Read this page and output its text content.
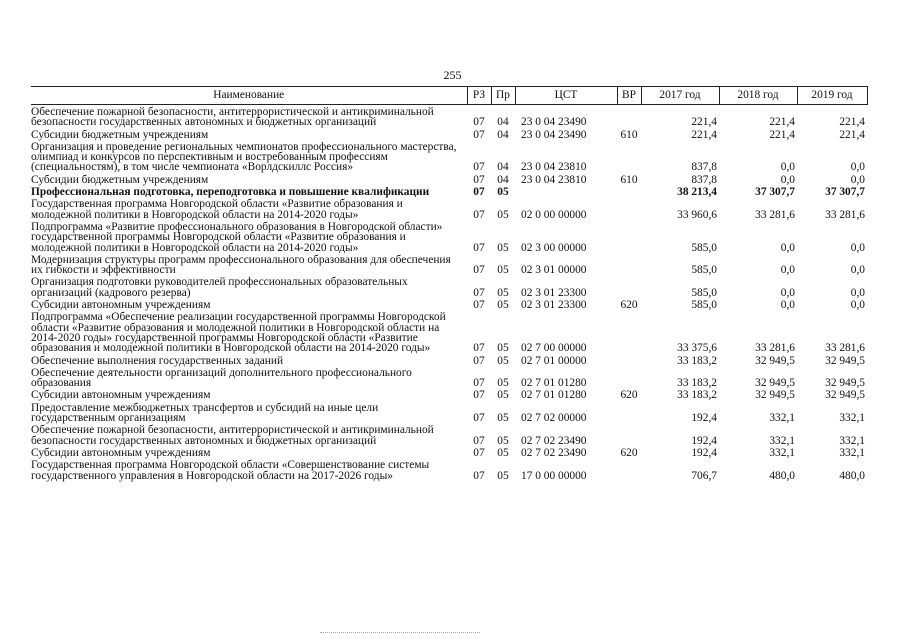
255
Наименование	РЗ	Пр	ЦСТ	ВР	2017 год	2018 год	2019 год
Обеспечение пожарной безопасности, антитеррористической и антикриминальной безопасности государственных автономных и бюджетных организаций	07	04	23 0 04 23490		221,4	221,4	221,4
Субсидии бюджетным учреждениям	07	04	23 0 04 23490	610	221,4	221,4	221,4
Организация и проведение региональных чемпионатов профессионального мастерства, олимпиад и конкурсов по перспективным и востребованным профессиям (специальностям), в том числе чемпионата «Ворлдскиллс Россия»	07	04	23 0 04 23810		837,8	0,0	0,0
Субсидии бюджетным учреждениям	07	04	23 0 04 23810	610	837,8	0,0	0,0
Профессиональная подготовка, переподготовка и повышение квалификации	07	05			38 213,4	37 307,7	37 307,7
Государственная программа Новгородской области «Развитие образования и молодежной политики в Новгородской области на 2014-2020 годы»	07	05	02 0 00 00000		33 960,6	33 281,6	33 281,6
Подпрограмма «Развитие профессионального образования в Новгородской области» государственной программы Новгородской области «Развитие образования и молодежной политики в Новгородской области на 2014-2020 годы»	07	05	02 3 00 00000		585,0	0,0	0,0
Модернизация структуры программ профессионального образования для обеспечения их гибкости и эффективности	07	05	02 3 01 00000		585,0	0,0	0,0
Организация подготовки руководителей профессиональных образовательных организаций (кадрового резерва)	07	05	02 3 01 23300		585,0	0,0	0,0
Субсидии автономным учреждениям	07	05	02 3 01 23300	620	585,0	0,0	0,0
Подпрограмма «Обеспечение реализации государственной программы Новгородской области «Развитие образования и молодежной политики в Новгородской области на 2014-2020 годы» государственной программы Новгородской области «Развитие образования и молодежной политики в Новгородской области на 2014-2020 годы»	07	05	02 7 00 00000		33 375,6	33 281,6	33 281,6
Обеспечение выполнения государственных заданий	07	05	02 7 01 00000		33 183,2	32 949,5	32 949,5
Обеспечение деятельности организаций дополнительного профессионального образования	07	05	02 7 01 01280		33 183,2	32 949,5	32 949,5
Субсидии автономным учреждениям	07	05	02 7 01 01280	620	33 183,2	32 949,5	32 949,5
Предоставление межбюджетных трансфертов и субсидий на иные цели государственным организациям	07	05	02 7 02 00000		192,4	332,1	332,1
Обеспечение пожарной безопасности, антитеррористической и антикриминальной безопасности государственных автономных и бюджетных организаций	07	05	02 7 02 23490		192,4	332,1	332,1
Субсидии автономным учреждениям	07	05	02 7 02 23490	620	192,4	332,1	332,1
Государственная программа Новгородской области «Совершенствование системы государственного управления в Новгородской области на 2017-2026 годы»	07	05	17 0 00 00000		706,7	480,0	480,0
